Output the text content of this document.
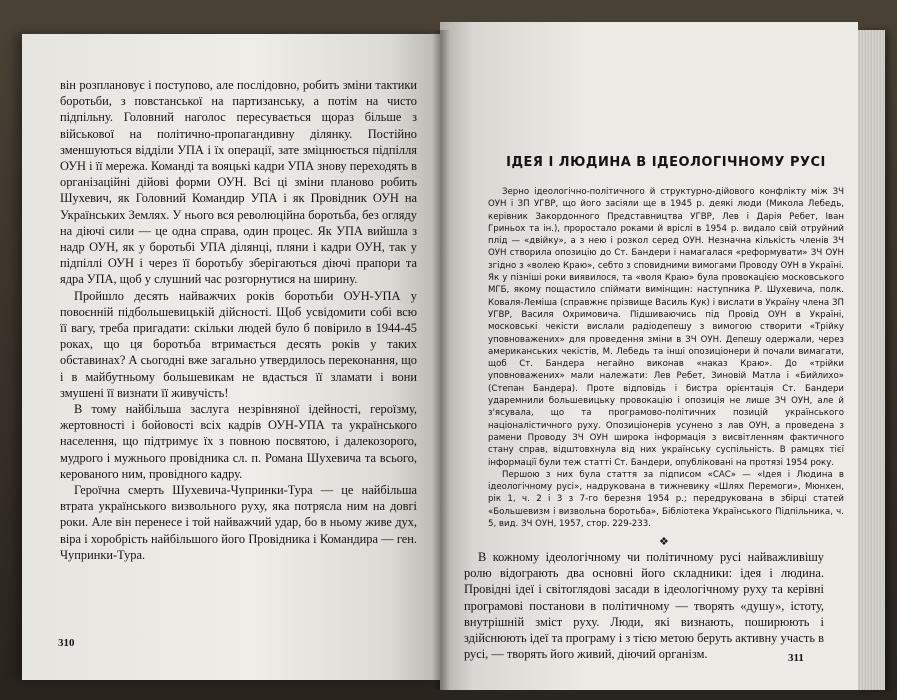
він розплановує і поступово, але послідовно, робить зміни тактики боротьби, з повстанської на партизанську, а потім на чисто підпільну. Головний наголос пересувається щораз більше з військової на політично-пропагандивну ділянку. Постійно зменшуються відділи УПА і їх операції, зате зміцнюється підпілля ОУН і її мережа. Команді та вояцькі кадри УПА знову переходять в організаційні дійові форми ОУН. Всі ці зміни планово робить Шухевич, як Головний Командир УПА і як Провідник ОУН на Українських Землях. У нього вся революційна боротьба, без огляду на діючі сили — це одна справа, один процес. Як УПА вийшла з надр ОУН, як у боротьбі УПА ділянці, пляни і кадри ОУН, так у підпіллі ОУН і через її боротьбу зберігаються діючі прапори та ядра УПА, щоб у слушний час розгорнутися на ширину.

Пройшло десять найважчих років боротьби ОУН-УПА у повоєнній підбольшевицькій дійсності. Щоб усвідомити собі всю її вагу, треба пригадати: скільки людей було б повірило в 1944-45 роках, що ця боротьба втримається десять років у таких обставинах? А сьогодні вже загально утвердилось переконання, що і в майбутньому большевикам не вдасться її зламати і вони змушені її визнати її живучість!

В тому найбільша заслуга незрівняної ідейності, героїзму, жертовності і бойовості всіх кадрів ОУН-УПА та українського населення, що підтримує їх з повною посвятою, і далекозорого, мудрого і мужнього провідника сл. п. Романа Шухевича та всього, керованого ним, провідного кадру.

Героїчна смерть Шухевича-Чупринки-Тура — це найбільша втрата українського визвольного руху, яка потрясла ним на довгі роки. Але він перенесе і той найважчий удар, бо в ньому живе дух, віра і хоробрість найбільшого його Провідника і Командира — ген. Чупринки-Тура.

310

ІДЕЯ І ЛЮДИНА В ІДЕОЛОГІЧНОМУ РУСІ

Зерно ідеологічно-політичного й структурно-дійового конфлікту між ЗЧ ОУН і ЗП УГВР, що його засіяли ще в 1945 р. деякі люди (Микола Лебедь, керівник Закордонного Представництва УГВР, Лев і Дарія Ребет, Іван Гриньох та ін.), проростало роками й вріслі в 1954 р. видало свій отруйний плід — «двійку», а з нею і розкол серед ОУН. Незначна кількість членів ЗЧ ОУН створила опозицію до Ст. Бандери і намагалася «реформувати» ЗЧ ОУН згідно з «волею Краю», себто з сповидними вимогами Проводу ОУН в Україні. Як у пізніші роки виявилося, та «воля Краю» була провокацією московського МГБ, якому пощастило спіймати вимінщин: наступника Р. Шухевича, полк. Коваля-Леміша (справжнє прізвище Василь Кук) і вислати в Україну члена ЗП УГВР, Василя Охримовича. Підшиваючись під Провід ОУН в Україні, московські чекісти вислали радіодепешу з вимогою створити «Трійку уповноважених» для проведення зміни в ЗЧ ОУН. Депешу одержали, через американських чекістів, М. Лебедь та інші опозиціонери й почали вимагати, щоб Ст. Бандера негайно виконав «наказ Краю». До «трійки уповноважених» мали належати: Лев Ребет, Зиновій Матла і «Бийлихо» (Степан Бандера). Проте відповідь і бистра орієнтація Ст. Бандери ударемнили большевицьку провокацію і опозиція не лише ЗЧ ОУН, але й з'ясувала, що та програмово-політичних позицій українського націоналістичного руху. Опозиціонерів усунено з лав ОУН, а проведена з рамени Проводу ЗЧ ОУН широка інформація з висвітленням фактичного стану справ, відштовхнула від них українську суспільність. В рамцях тієї інформації були теж статті Ст. Бандери, опубліковані на протязі 1954 року.

Першою з них була стаття за підписом «САС» — «Ідея і Людина в ідеологічному русі», надрукована в тижневику «Шлях Перемоги», Мюнхен, рік 1, ч. 2 і 3 з 7-го березня 1954 р.; передрукована в збірці статей «Большевизм і визвольна боротьба», Бібліотека Українського Підпільника, ч. 5, вид. ЗЧ ОУН, 1957, стор. 229-233.

❖

В кожному ідеологічному чи політичному русі найважливішу ролю відограють два основні його складники: ідея і людина. Провідні ідеї і світоглядові засади в ідеологічному руху та керівні програмові постанови в політичному — творять «душу», істоту, внутрішній зміст руху. Люди, які визнають, поширюють і здійснюють ідеї та програму і з тією метою беруть активну участь в русі, — творять його живий, діючий організм.	311
